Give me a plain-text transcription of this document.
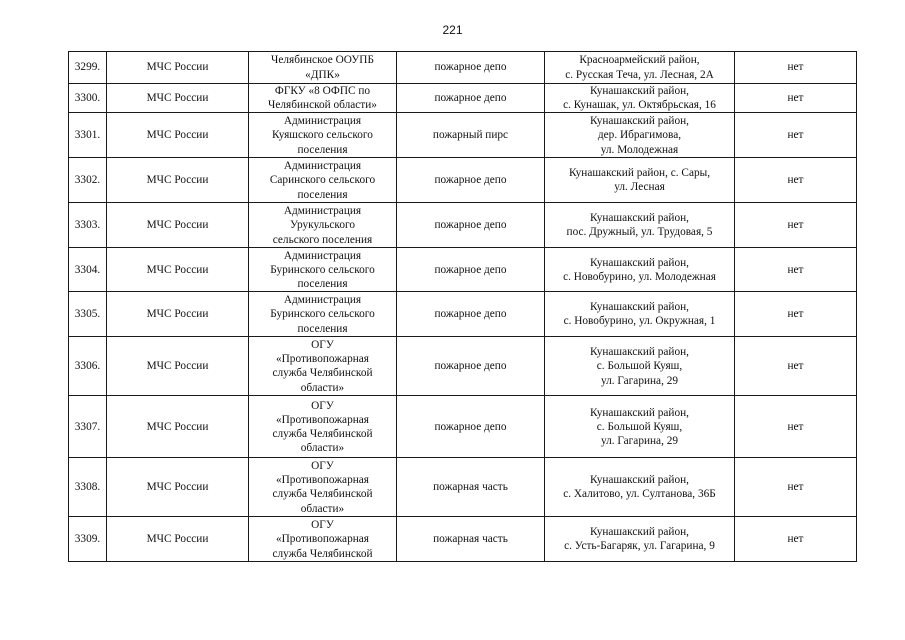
221
3299.	МЧС России	Челябинское ООУПБ
«ДПК»	пожарное депо	Красноармейский район,
с. Русская Теча, ул. Лесная, 2А	нет
3300.	МЧС России	ФГКУ «8 ОФПС по
Челябинской области»	пожарное депо	Кунашакский район,
с. Кунашак, ул. Октябрьская, 16	нет
3301.	МЧС России	Администрация
Куяшского сельского
поселения	пожарный пирс	Кунашакский район,
дер. Ибрагимова,
ул. Молодежная	нет
3302.	МЧС России	Администрация
Саринского сельского
поселения	пожарное депо	Кунашакский район, с. Сары,
ул. Лесная	нет
3303.	МЧС России	Администрация
Урукульского
сельского поселения	пожарное депо	Кунашакский район,
пос. Дружный, ул. Трудовая, 5	нет
3304.	МЧС России	Администрация
Буринского сельского
поселения	пожарное депо	Кунашакский район,
с. Новобурино, ул. Молодежная	нет
3305.	МЧС России	Администрация
Буринского сельского
поселения	пожарное депо	Кунашакский район,
с. Новобурино, ул. Окружная, 1	нет
3306.	МЧС России	ОГУ
«Противопожарная
служба Челябинской
области»	пожарное депо	Кунашакский район,
с. Большой Куяш,
ул. Гагарина, 29	нет
3307.	МЧС России	ОГУ
«Противопожарная
служба Челябинской
области»	пожарное депо	Кунашакский район,
с. Большой Куяш,
ул. Гагарина, 29	нет
3308.	МЧС России	ОГУ
«Противопожарная
служба Челябинской
области»	пожарная часть	Кунашакский район,
с. Халитово, ул. Султанова, 36Б	нет
3309.	МЧС России	ОГУ
«Противопожарная
служба Челябинской	пожарная часть	Кунашакский район,
с. Усть-Багаряк, ул. Гагарина, 9	нет
